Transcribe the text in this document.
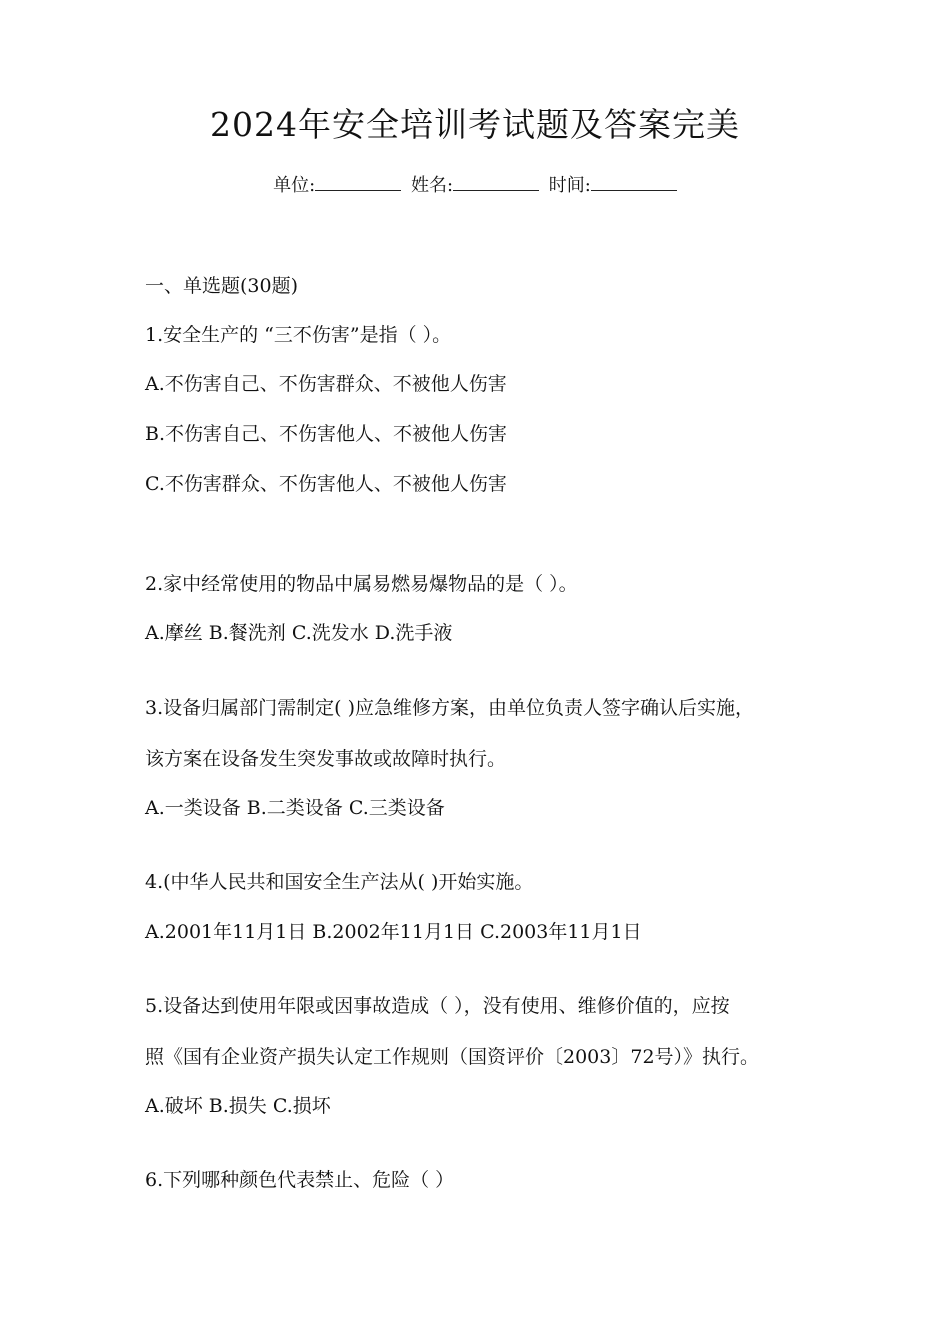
2024年安全培训考试题及答案完美
单位:	姓名:	时间:
一、单选题(30题)
1.安全生产的 “三不伤害”是指（ ）。
A.不伤害自己、不伤害群众、不被他人伤害
B.不伤害自己、不伤害他人、不被他人伤害
C.不伤害群众、不伤害他人、不被他人伤害
2.家中经常使用的物品中属易燃易爆物品的是（ ）。
A.摩丝 B.餐洗剂 C.洗发水 D.洗手液
3.设备归属部门需制定( )应急维修方案，由单位负责人签字确认后实施，
该方案在设备发生突发事故或故障时执行。
A.一类设备 B.二类设备 C.三类设备
4.(中华人民共和国安全生产法从( )开始实施。
A.2001年11月1日 B.2002年11月1日 C.2003年11月1日
5.设备达到使用年限或因事故造成（ ），没有使用、维修价值的，应按
照《国有企业资产损失认定工作规则（国资评价〔2003〕72号）》执行。
A.破坏 B.损失 C.损坏
6.下列哪种颜色代表禁止、危险（ ）
